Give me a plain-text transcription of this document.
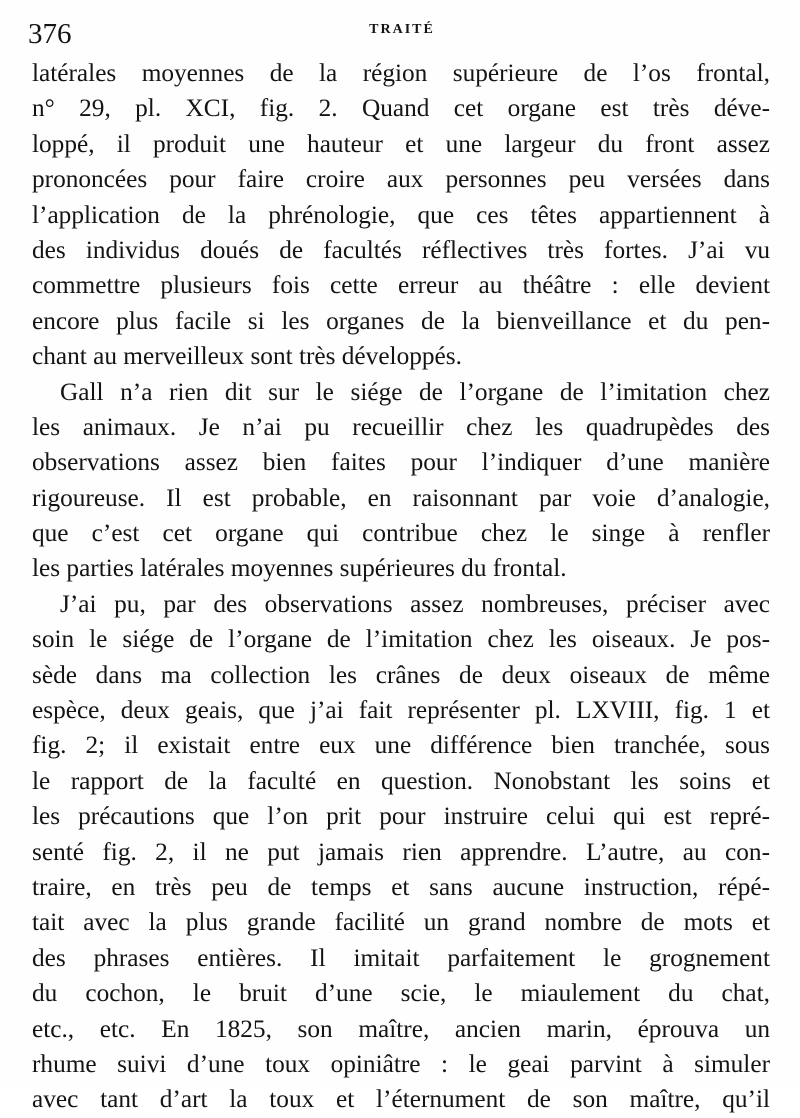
376	TRAITÉ
latérales moyennes de la région supérieure de l’os frontal,
n° 29, pl. XCI, fig. 2. Quand cet organe est très déve-
loppé, il produit une hauteur et une largeur du front assez
prononcées pour faire croire aux personnes peu versées dans
l’application de la phrénologie, que ces têtes appartiennent à
des individus doués de facultés réflectives très fortes. J’ai vu
commettre plusieurs fois cette erreur au théâtre : elle devient
encore plus facile si les organes de la bienveillance et du pen-
chant au merveilleux sont très développés.
Gall n’a rien dit sur le siége de l’organe de l’imitation chez
les animaux. Je n’ai pu recueillir chez les quadrupèdes des
observations assez bien faites pour l’indiquer d’une manière
rigoureuse. Il est probable, en raisonnant par voie d’analogie,
que c’est cet organe qui contribue chez le singe à renfler
les parties latérales moyennes supérieures du frontal.
J’ai pu, par des observations assez nombreuses, préciser avec
soin le siége de l’organe de l’imitation chez les oiseaux. Je pos-
sède dans ma collection les crânes de deux oiseaux de même
espèce, deux geais, que j’ai fait représenter pl. LXVIII, fig. 1 et
fig. 2; il existait entre eux une différence bien tranchée, sous
le rapport de la faculté en question. Nonobstant les soins et
les précautions que l’on prit pour instruire celui qui est repré-
senté fig. 2, il ne put jamais rien apprendre. L’autre, au con-
traire, en très peu de temps et sans aucune instruction, répé-
tait avec la plus grande facilité un grand nombre de mots et
des phrases entières. Il imitait parfaitement le grognement
du cochon, le bruit d’une scie, le miaulement du chat,
etc., etc. En 1825, son maître, ancien marin, éprouva un
rhume suivi d’une toux opiniâtre : le geai parvint à simuler
avec tant d’art la toux et l’éternument de son maître, qu’il
